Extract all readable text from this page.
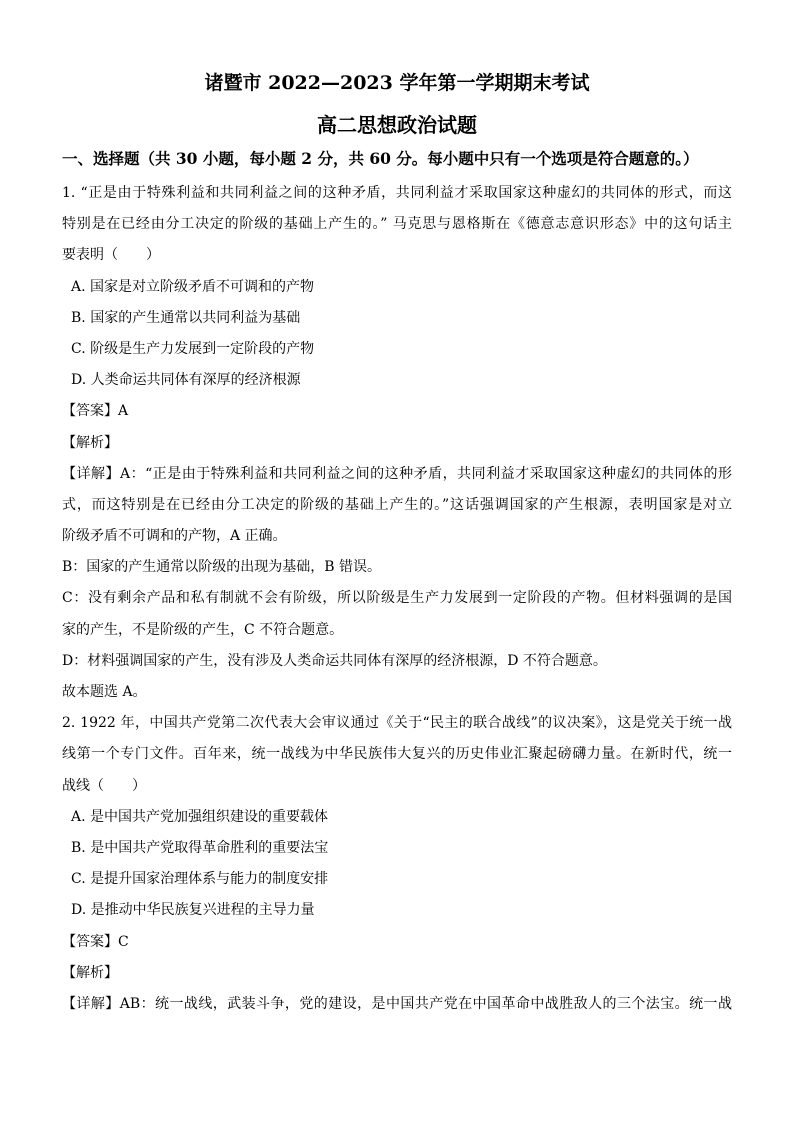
诸暨市 2022—2023 学年第一学期期末考试
高二思想政治试题
一、选择题（共 30 小题，每小题 2 分，共 60 分。每小题中只有一个选项是符合题意的。）
1. “正是由于特殊利益和共同利益之间的这种矛盾，共同利益才采取国家这种虚幻的共同体的形式，而这
特别是在已经由分工决定的阶级的基础上产生的。” 马克思与恩格斯在《德意志意识形态》中的这句话主
要表明（　　）
A. 国家是对立阶级矛盾不可调和的产物
B. 国家的产生通常以共同利益为基础
C. 阶级是生产力发展到一定阶段的产物
D. 人类命运共同体有深厚的经济根源
【答案】A
【解析】
【详解】A：“正是由于特殊利益和共同利益之间的这种矛盾，共同利益才采取国家这种虚幻的共同体的形
式，而这特别是在已经由分工决定的阶级的基础上产生的。”这话强调国家的产生根源，表明国家是对立
阶级矛盾不可调和的产物，A 正确。
B：国家的产生通常以阶级的出现为基础，B 错误。
C：没有剩余产品和私有制就不会有阶级，所以阶级是生产力发展到一定阶段的产物。但材料强调的是国
家的产生，不是阶级的产生，C 不符合题意。
D：材料强调国家的产生，没有涉及人类命运共同体有深厚的经济根源，D 不符合题意。
故本题选 A。
2. 1922 年，中国共产党第二次代表大会审议通过《关于“民主的联合战线”的议决案》，这是党关于统一战
线第一个专门文件。百年来，统一战线为中华民族伟大复兴的历史伟业汇聚起磅礴力量。在新时代，统一
战线（　　）
A. 是中国共产党加强组织建设的重要载体
B. 是中国共产党取得革命胜利的重要法宝
C. 是提升国家治理体系与能力的制度安排
D. 是推动中华民族复兴进程的主导力量
【答案】C
【解析】
【详解】AB：统一战线，武装斗争，党的建设，是中国共产党在中国革命中战胜敌人的三个法宝。统一战
